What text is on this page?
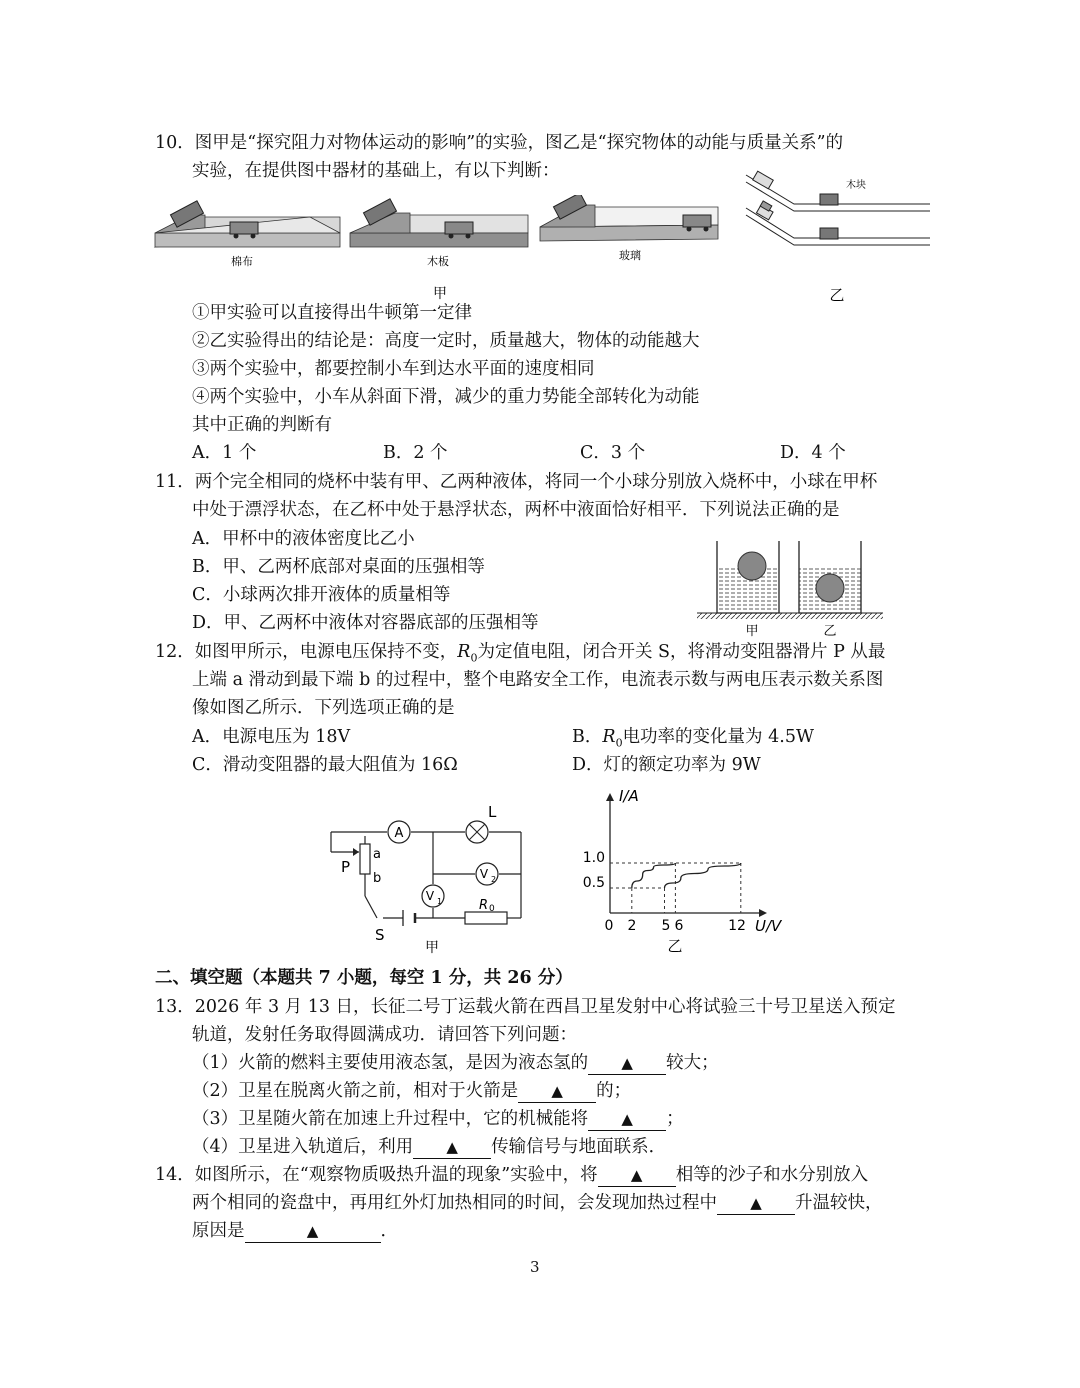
10．图甲是“探究阻力对物体运动的影响”的实验，图乙是“探究物体的动能与质量关系”的
实验，在提供图中器材的基础上，有以下判断：
棉布	木板	玻璃
甲
木块
乙
①甲实验可以直接得出牛顿第一定律
②乙实验得出的结论是：高度一定时，质量越大，物体的动能越大
③两个实验中，都要控制小车到达水平面的速度相同
④两个实验中，小车从斜面下滑，减少的重力势能全部转化为动能
其中正确的判断有
A．1 个	B．2 个	C．3 个	D．4 个
11．两个完全相同的烧杯中装有甲、乙两种液体，将同一个小球分别放入烧杯中，小球在甲杯
中处于漂浮状态，在乙杯中处于悬浮状态，两杯中液面恰好相平．下列说法正确的是
A．甲杯中的液体密度比乙小
B．甲、乙两杯底部对桌面的压强相等
C．小球两次排开液体的质量相等
D．甲、乙两杯中液体对容器底部的压强相等	甲	乙
12．如图甲所示，电源电压保持不变，$R_0$为定值电阻，闭合开关 S，将滑动变阻器滑片 P 从最
上端 a 滑动到最下端 b 的过程中，整个电路安全工作，电流表示数与两电压表示数关系图
像如图乙所示．下列选项正确的是
A．电源电压为 18V	B．$R_0$电功率的变化量为 4.5W
C．滑动变阻器的最大阻值为 16Ω	D．灯的额定功率为 9W
A
L
P
a
b
V 1
V 2
R 0
S
甲
I/A
U/V
1.0
0.5
0 2 5 6	12
乙
二、填空题（本题共 7 小题，每空 1 分，共 26 分）
13．2026 年 3 月 13 日，长征二号丁运载火箭在西昌卫星发射中心将试验三十号卫星送入预定
轨道，发射任务取得圆满成功．请回答下列问题：
（1）火箭的燃料主要使用液态氢，是因为液态氢的 ▲ 较大；
（2）卫星在脱离火箭之前，相对于火箭是 ▲ 的；
（3）卫星随火箭在加速上升过程中，它的机械能将 ▲ ；
（4）卫星进入轨道后，利用 ▲ 传输信号与地面联系．
14．如图所示，在“观察物质吸热升温的现象”实验中，将 ▲ 相等的沙子和水分别放入
两个相同的瓷盘中，再用红外灯加热相同的时间，会发现加热过程中 ▲ 升温较快，
原因是	▲	．
3
